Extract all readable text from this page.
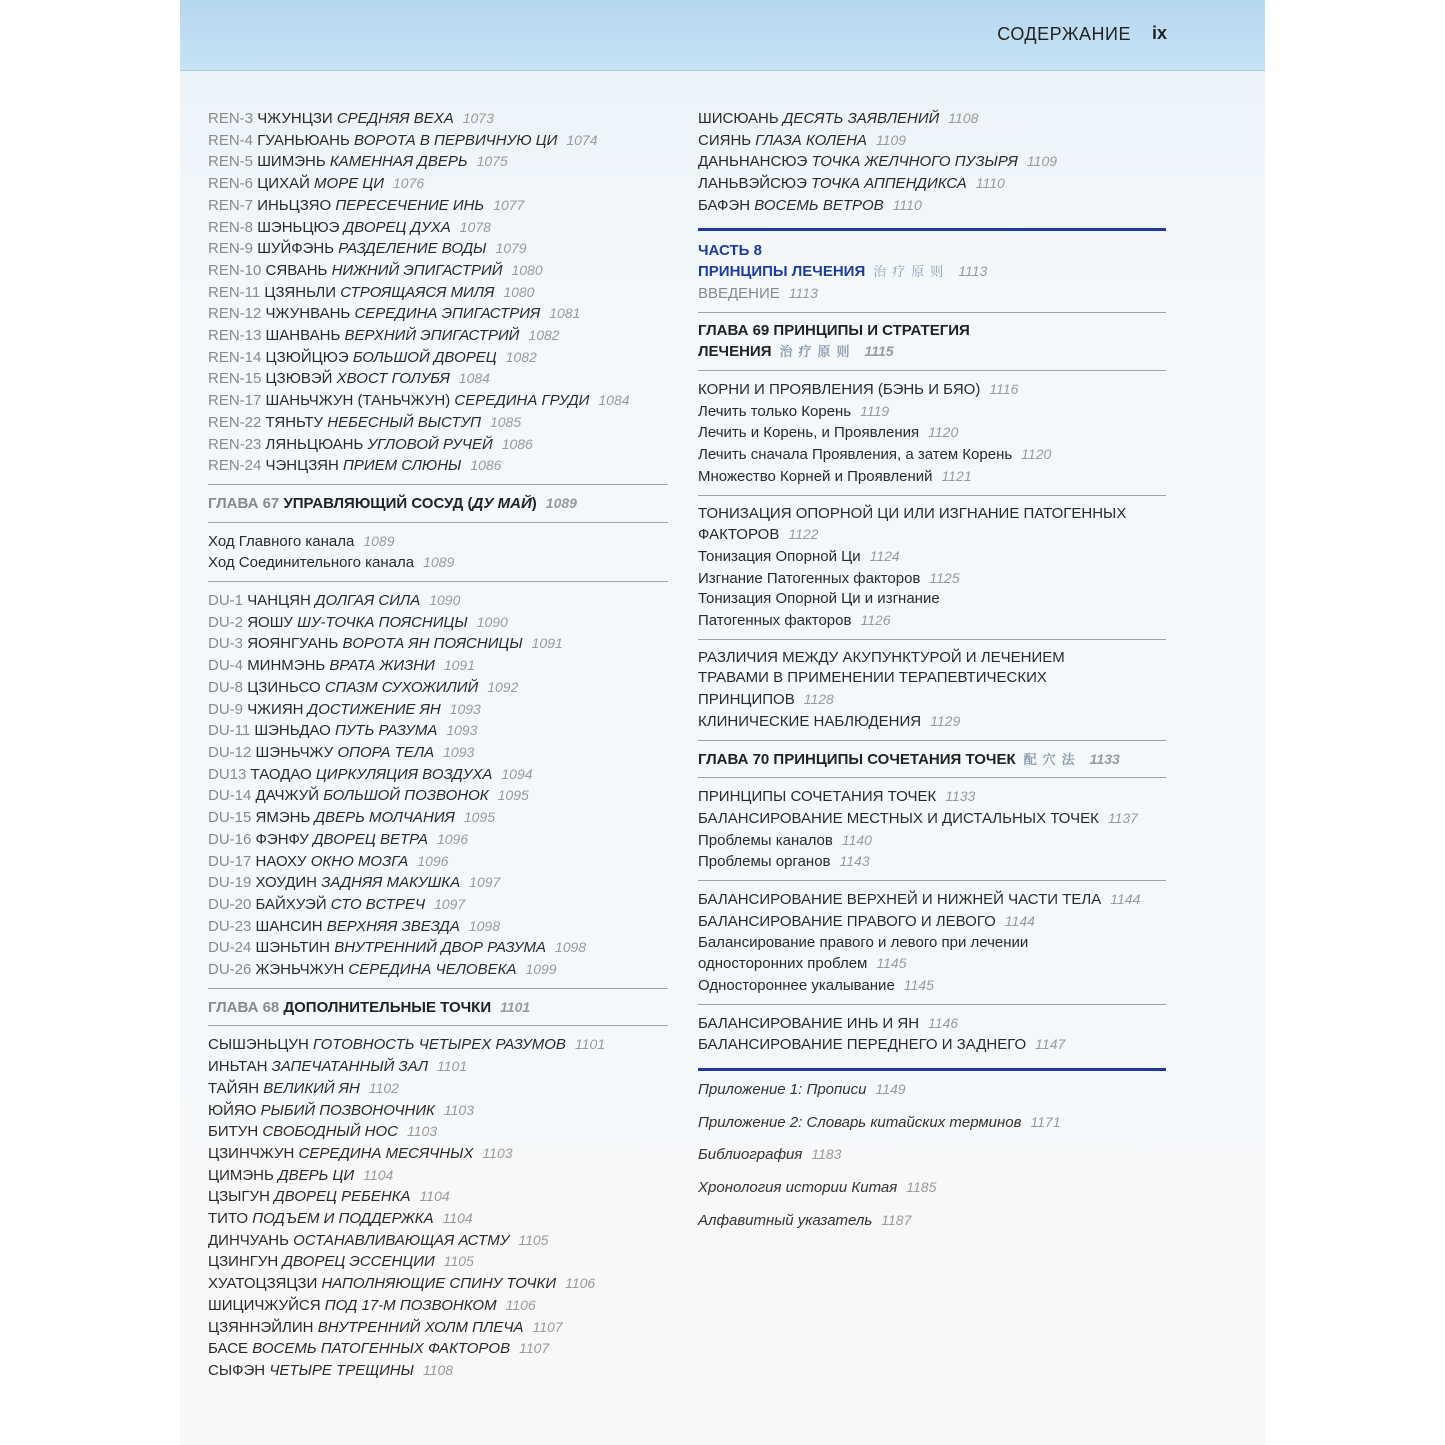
СОДЕРЖАНИЕ ix
REN-3 ЧЖУНЦЗИ СРЕДНЯЯ ВЕХА 1073
REN-4 ГУАНЬЮАНЬ ВОРОТА В ПЕРВИЧНУЮ ЦИ 1074
REN-5 ШИМЭНЬ КАМЕННАЯ ДВЕРЬ 1075
REN-6 ЦИХАЙ МОРЕ ЦИ 1076
REN-7 ИНЬЦЗЯО ПЕРЕСЕЧЕНИЕ ИНЬ 1077
REN-8 ШЭНЬЦЮЭ ДВОРЕЦ ДУХА 1078
REN-9 ШУЙФЭНЬ РАЗДЕЛЕНИЕ ВОДЫ 1079
REN-10 СЯВАНЬ НИЖНИЙ ЭПИГАСТРИЙ 1080
REN-11 ЦЗЯНЬЛИ СТРОЯЩАЯСЯ МИЛЯ 1080
REN-12 ЧЖУНВАНЬ СЕРЕДИНА ЭПИГАСТРИЯ 1081
REN-13 ШАНВАНЬ ВЕРХНИЙ ЭПИГАСТРИЙ 1082
REN-14 ЦЗЮЙЦЮЭ БОЛЬШОЙ ДВОРЕЦ 1082
REN-15 ЦЗЮВЭЙ ХВОСТ ГОЛУБЯ 1084
REN-17 ШАНЬЧЖУН (ТАНЬЧЖУН) СЕРЕДИНА ГРУДИ 1084
REN-22 ТЯНЬТУ НЕБЕСНЫЙ ВЫСТУП 1085
REN-23 ЛЯНЬЦЮАНЬ УГЛОВОЙ РУЧЕЙ 1086
REN-24 ЧЭНЦЗЯН ПРИЕМ СЛЮНЫ 1086
ГЛАВА 67 УПРАВЛЯЮЩИЙ СОСУД (ДУ МАЙ) 1089
Ход Главного канала 1089
Ход Соединительного канала 1089
DU-1 ЧАНЦЯН ДОЛГАЯ СИЛА 1090
DU-2 ЯОШУ ШУ-ТОЧКА ПОЯСНИЦЫ 1090
DU-3 ЯОЯНГУАНЬ ВОРОТА ЯН ПОЯСНИЦЫ 1091
DU-4 МИНМЭНЬ ВРАТА ЖИЗНИ 1091
DU-8 ЦЗИНЬСО СПАЗМ СУХОЖИЛИЙ 1092
DU-9 ЧЖИЯН ДОСТИЖЕНИЕ ЯН 1093
DU-11 ШЭНЬДАО ПУТЬ РАЗУМА 1093
DU-12 ШЭНЬЧЖУ ОПОРА ТЕЛА 1093
DU13 ТАОДАО ЦИРКУЛЯЦИЯ ВОЗДУХА 1094
DU-14 ДАЧЖУЙ БОЛЬШОЙ ПОЗВОНОК 1095
DU-15 ЯМЭНЬ ДВЕРЬ МОЛЧАНИЯ 1095
DU-16 ФЭНФУ ДВОРЕЦ ВЕТРА 1096
DU-17 НАОХУ ОКНО МОЗГА 1096
DU-19 ХОУДИН ЗАДНЯЯ МАКУШКА 1097
DU-20 БАЙХУЭЙ СТО ВСТРЕЧ 1097
DU-23 ШАНСИН ВЕРХНЯЯ ЗВЕЗДА 1098
DU-24 ШЭНЬТИН ВНУТРЕННИЙ ДВОР РАЗУМА 1098
DU-26 ЖЭНЬЧЖУН СЕРЕДИНА ЧЕЛОВЕКА 1099
ГЛАВА 68 ДОПОЛНИТЕЛЬНЫЕ ТОЧКИ 1101
СЫШЭНЬЦУН ГОТОВНОСТЬ ЧЕТЫРЕХ РАЗУМОВ 1101
ИНЬТАН ЗАПЕЧАТАННЫЙ ЗАЛ 1101
ТАЙЯН ВЕЛИКИЙ ЯН 1102
ЮЙЯО РЫБИЙ ПОЗВОНОЧНИК 1103
БИТУН СВОБОДНЫЙ НОС 1103
ЦЗИНЧЖУН СЕРЕДИНА МЕСЯЧНЫХ 1103
ЦИМЭНЬ ДВЕРЬ ЦИ 1104
ЦЗЫГУН ДВОРЕЦ РЕБЕНКА 1104
ТИТО ПОДЪЕМ И ПОДДЕРЖКА 1104
ДИНЧУАНЬ ОСТАНАВЛИВАЮЩАЯ АСТМУ 1105
ЦЗИНГУН ДВОРЕЦ ЭССЕНЦИИ 1105
ХУАТОЦЗЯЦЗИ НАПОЛНЯЮЩИЕ СПИНУ ТОЧКИ 1106
ШИЦИЧЖУЙСЯ ПОД 17-М ПОЗВОНКОМ 1106
ЦЗЯННЭЙЛИН ВНУТРЕННИЙ ХОЛМ ПЛЕЧА 1107
БАСЕ ВОСЕМЬ ПАТОГЕННЫХ ФАКТОРОВ 1107
СЫФЭН ЧЕТЫРЕ ТРЕЩИНЫ 1108
ШИСЮАНЬ ДЕСЯТЬ ЗАЯВЛЕНИЙ 1108
СИЯНЬ ГЛАЗА КОЛЕНА 1109
ДАНЬНАНСЮЭ ТОЧКА ЖЕЛЧНОГО ПУЗЫРЯ 1109
ЛАНЬВЭЙСЮЭ ТОЧКА АППЕНДИКСА 1110
БАФЭН ВОСЕМЬ ВЕТРОВ 1110
ЧАСТЬ 8
ПРИНЦИПЫ ЛЕЧЕНИЯ 治疗原则 1113
ВВЕДЕНИЕ 1113
ГЛАВА 69 ПРИНЦИПЫ И СТРАТЕГИЯ
ЛЕЧЕНИЯ 治疗原则 1115
КОРНИ И ПРОЯВЛЕНИЯ (БЭНЬ И БЯО) 1116
Лечить только Корень 1119
Лечить и Корень, и Проявления 1120
Лечить сначала Проявления, а затем Корень 1120
Множество Корней и Проявлений 1121
ТОНИЗАЦИЯ ОПОРНОЙ ЦИ ИЛИ ИЗГНАНИЕ ПАТОГЕННЫХ
ФАКТОРОВ 1122
Тонизация Опорной Ци 1124
Изгнание Патогенных факторов 1125
Тонизация Опорной Ци и изгнание
Патогенных факторов 1126
РАЗЛИЧИЯ МЕЖДУ АКУПУНКТУРОЙ И ЛЕЧЕНИЕМ
ТРАВАМИ В ПРИМЕНЕНИИ ТЕРАПЕВТИЧЕСКИХ
ПРИНЦИПОВ 1128
КЛИНИЧЕСКИЕ НАБЛЮДЕНИЯ 1129
ГЛАВА 70 ПРИНЦИПЫ СОЧЕТАНИЯ ТОЧЕК 配穴法 1133
ПРИНЦИПЫ СОЧЕТАНИЯ ТОЧЕК 1133
БАЛАНСИРОВАНИЕ МЕСТНЫХ И ДИСТАЛЬНЫХ ТОЧЕК 1137
Проблемы каналов 1140
Проблемы органов 1143
БАЛАНСИРОВАНИЕ ВЕРХНЕЙ И НИЖНЕЙ ЧАСТИ ТЕЛА 1144
БАЛАНСИРОВАНИЕ ПРАВОГО И ЛЕВОГО 1144
Балансирование правого и левого при лечении
односторонних проблем 1145
Одностороннее укалывание 1145
БАЛАНСИРОВАНИЕ ИНЬ И ЯН 1146
БАЛАНСИРОВАНИЕ ПЕРЕДНЕГО И ЗАДНЕГО 1147
Приложение 1: Прописи 1149
Приложение 2: Словарь китайских терминов 1171
Библиография 1183
Хронология истории Китая 1185
Алфавитный указатель 1187
